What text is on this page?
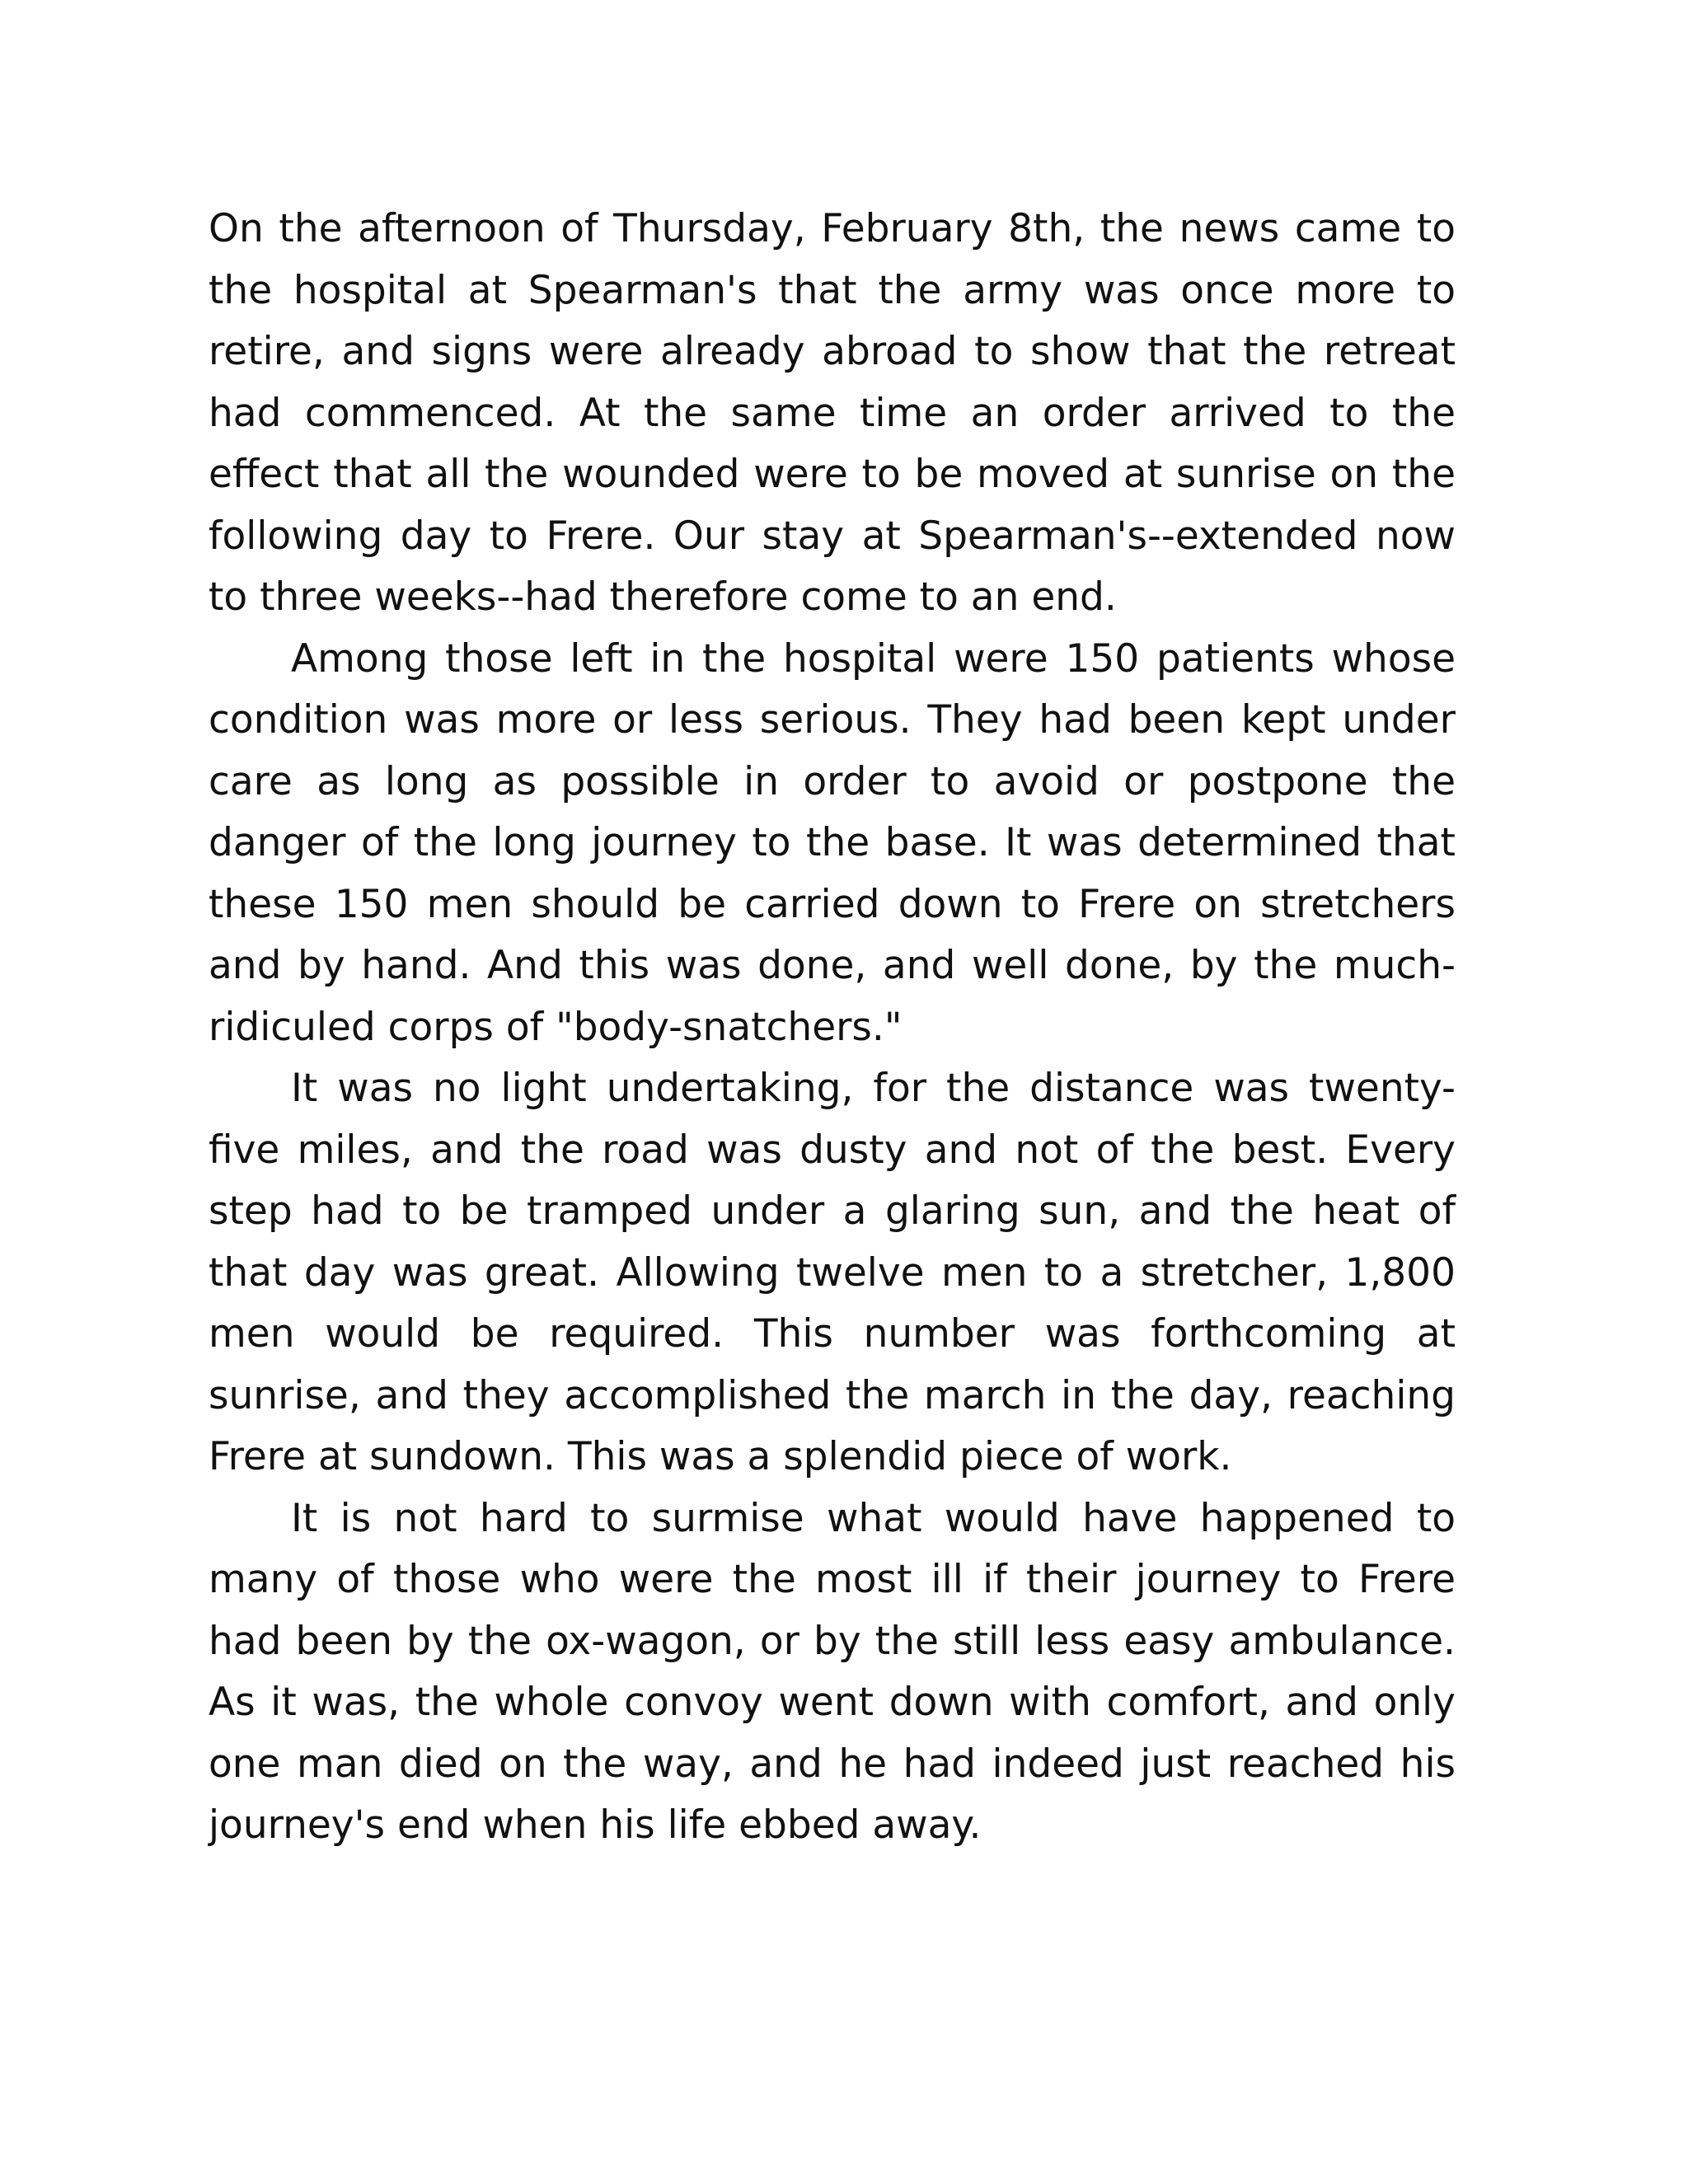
On the afternoon of Thursday, February 8th, the news came to the hospital at Spearman's that the army was once more to retire, and signs were already abroad to show that the retreat had commenced. At the same time an order arrived to the effect that all the wounded were to be moved at sunrise on the following day to Frere. Our stay at Spearman's--extended now to three weeks--had therefore come to an end.

Among those left in the hospital were 150 patients whose condition was more or less serious. They had been kept under care as long as possible in order to avoid or postpone the danger of the long journey to the base. It was determined that these 150 men should be carried down to Frere on stretchers and by hand. And this was done, and well done, by the much-ridiculed corps of "body-snatchers."

It was no light undertaking, for the distance was twenty-five miles, and the road was dusty and not of the best. Every step had to be tramped under a glaring sun, and the heat of that day was great. Allowing twelve men to a stretcher, 1,800 men would be required. This number was forthcoming at sunrise, and they accomplished the march in the day, reaching Frere at sundown. This was a splendid piece of work.

It is not hard to surmise what would have happened to many of those who were the most ill if their journey to Frere had been by the ox-wagon, or by the still less easy ambulance. As it was, the whole convoy went down with comfort, and only one man died on the way, and he had indeed just reached his journey's end when his life ebbed away.
